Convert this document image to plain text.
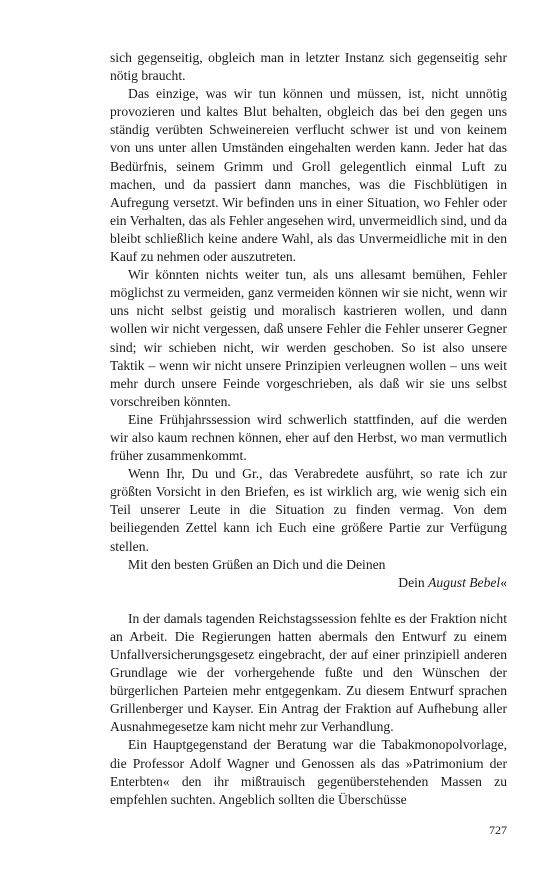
sich gegenseitig, obgleich man in letzter Instanz sich gegenseitig sehr nötig braucht.

Das einzige, was wir tun können und müssen, ist, nicht unnötig provozieren und kaltes Blut behalten, obgleich das bei den gegen uns ständig verübten Schweinereien verflucht schwer ist und von keinem von uns unter allen Umständen eingehalten werden kann. Jeder hat das Bedürfnis, seinem Grimm und Groll gelegentlich einmal Luft zu machen, und da passiert dann manches, was die Fischblütigen in Aufregung versetzt. Wir befinden uns in einer Situation, wo Fehler oder ein Verhalten, das als Fehler angesehen wird, unvermeidlich sind, und da bleibt schließlich keine andere Wahl, als das Unvermeidliche mit in den Kauf zu nehmen oder auszutreten.

Wir könnten nichts weiter tun, als uns allesamt bemühen, Fehler möglichst zu vermeiden, ganz vermeiden können wir sie nicht, wenn wir uns nicht selbst geistig und moralisch kastrieren wollen, und dann wollen wir nicht vergessen, daß unsere Fehler die Fehler unserer Gegner sind; wir schieben nicht, wir werden geschoben. So ist also unsere Taktik – wenn wir nicht unsere Prinzipien verleugnen wollen – uns weit mehr durch unsere Feinde vorgeschrieben, als daß wir sie uns selbst vorschreiben könnten.

Eine Frühjahrssession wird schwerlich stattfinden, auf die werden wir also kaum rechnen können, eher auf den Herbst, wo man vermutlich früher zusammenkommt.

Wenn Ihr, Du und Gr., das Verabredete ausführt, so rate ich zur größten Vorsicht in den Briefen, es ist wirklich arg, wie wenig sich ein Teil unserer Leute in die Situation zu finden vermag. Von dem beiliegenden Zettel kann ich Euch eine größere Partie zur Verfügung stellen.

Mit den besten Grüßen an Dich und die Deinen

Dein August Bebel«

In der damals tagenden Reichstagssession fehlte es der Fraktion nicht an Arbeit. Die Regierungen hatten abermals den Entwurf zu einem Unfallversicherungsgesetz eingebracht, der auf einer prinzipiell anderen Grundlage wie der vorhergehende fußte und den Wünschen der bürgerlichen Parteien mehr entgegenkam. Zu diesem Entwurf sprachen Grillenberger und Kayser. Ein Antrag der Fraktion auf Aufhebung aller Ausnahmegesetze kam nicht mehr zur Verhandlung.

Ein Hauptgegenstand der Beratung war die Tabakmonopolvorlage, die Professor Adolf Wagner und Genossen als das »Patrimonium der Enterbten« den ihr mißtrauisch gegenüberstehenden Massen zu empfehlen suchten. Angeblich sollten die Überschüsse

727
